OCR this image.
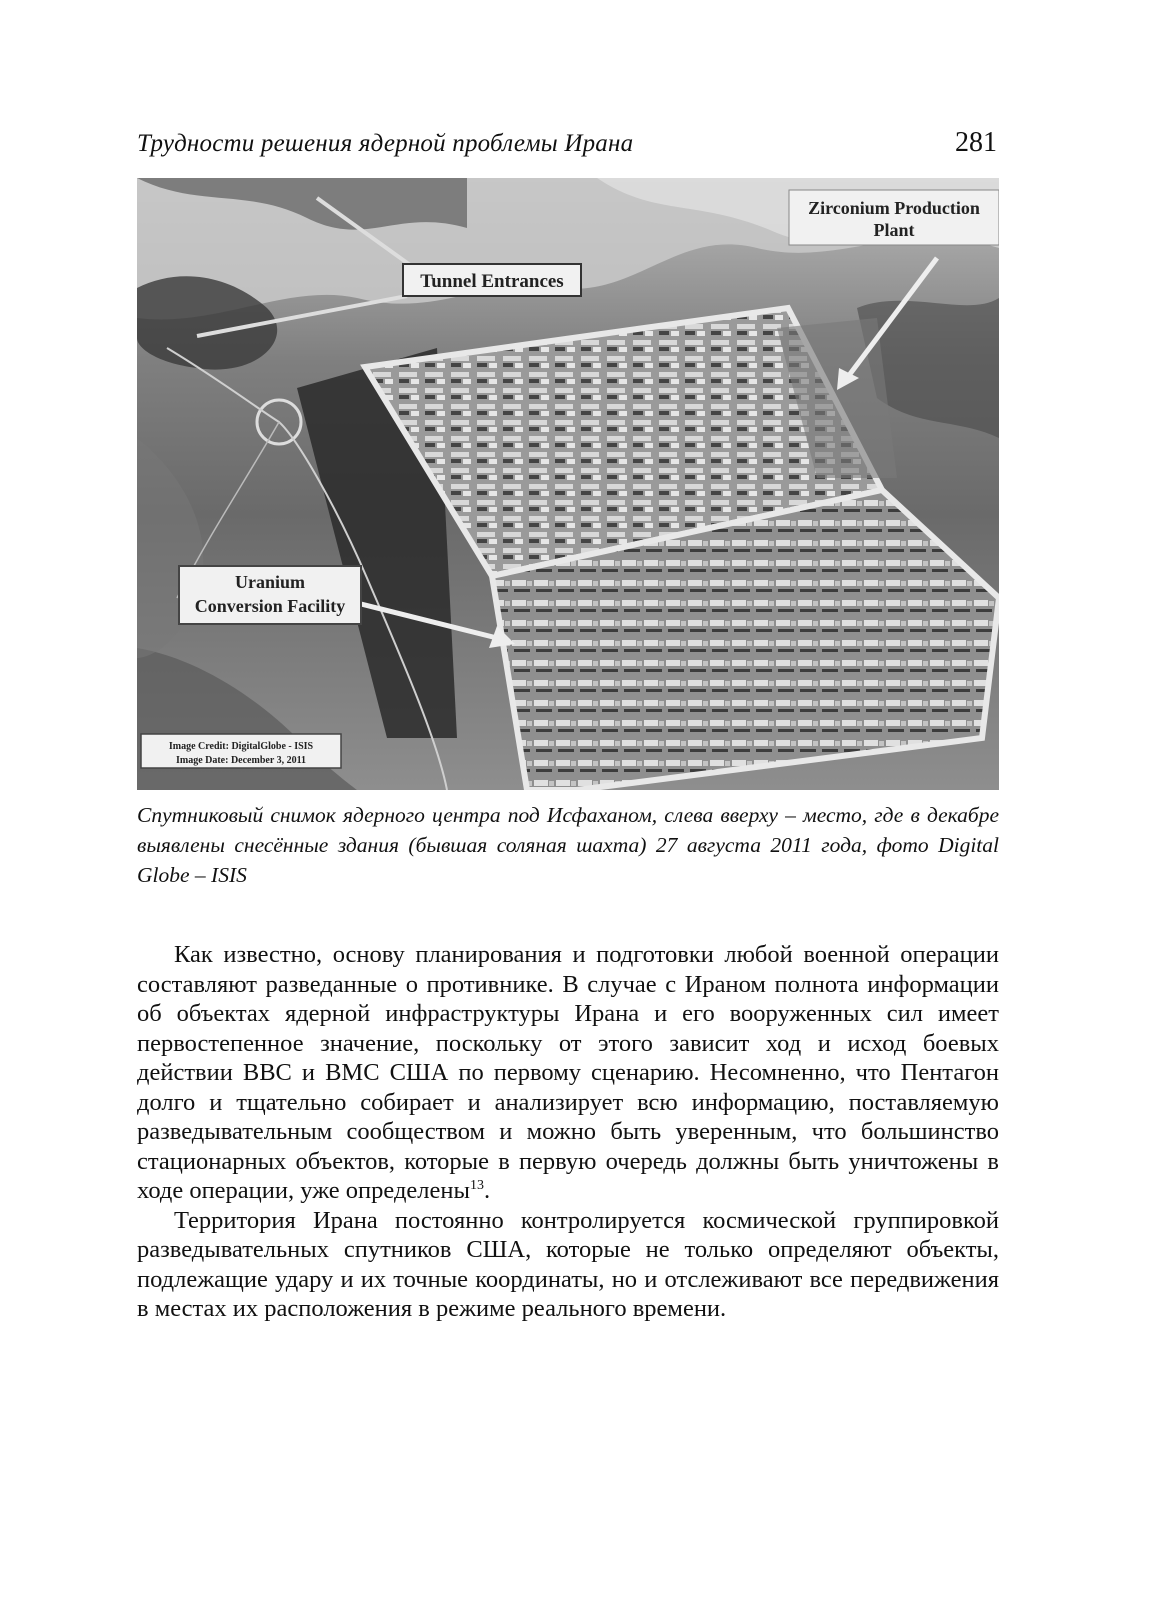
Трудности решения ядерной проблемы Ирана	281
Zirconium Production
Plant
Tunnel Entrances
Uranium
Conversion Facility
Image Credit: DigitalGlobe - ISIS
Image Date: December 3, 2011

Спутниковый снимок ядерного центра под Исфаханом, слева вверху – место, где в декабре выявлены снесённые здания (бывшая соляная шахта) 27 августа 2011 года, фото Digital Globe – ISIS

Как известно, основу планирования и подготовки любой военной операции составляют разведанные о противнике. В случае с Ираном полнота информации об объектах ядерной инфраструктуры Ирана и его вооруженных сил имеет первостепенное значение, поскольку от этого зависит ход и исход боевых действии ВВС и ВМС США по первому сценарию. Несомненно, что Пентагон долго и тщательно собирает и анализирует всю информацию, поставляемую разведывательным сообществом и можно быть уверенным, что большинство стационарных объектов, которые в первую очередь должны быть уничтожены в ходе операции, уже определены$^{13}$.

Территория Ирана постоянно контролируется космической группировкой разведывательных спутников США, которые не только определяют объекты, подлежащие удару и их точные координаты, но и отслеживают все передвижения в местах их расположения в режиме реального времени.
